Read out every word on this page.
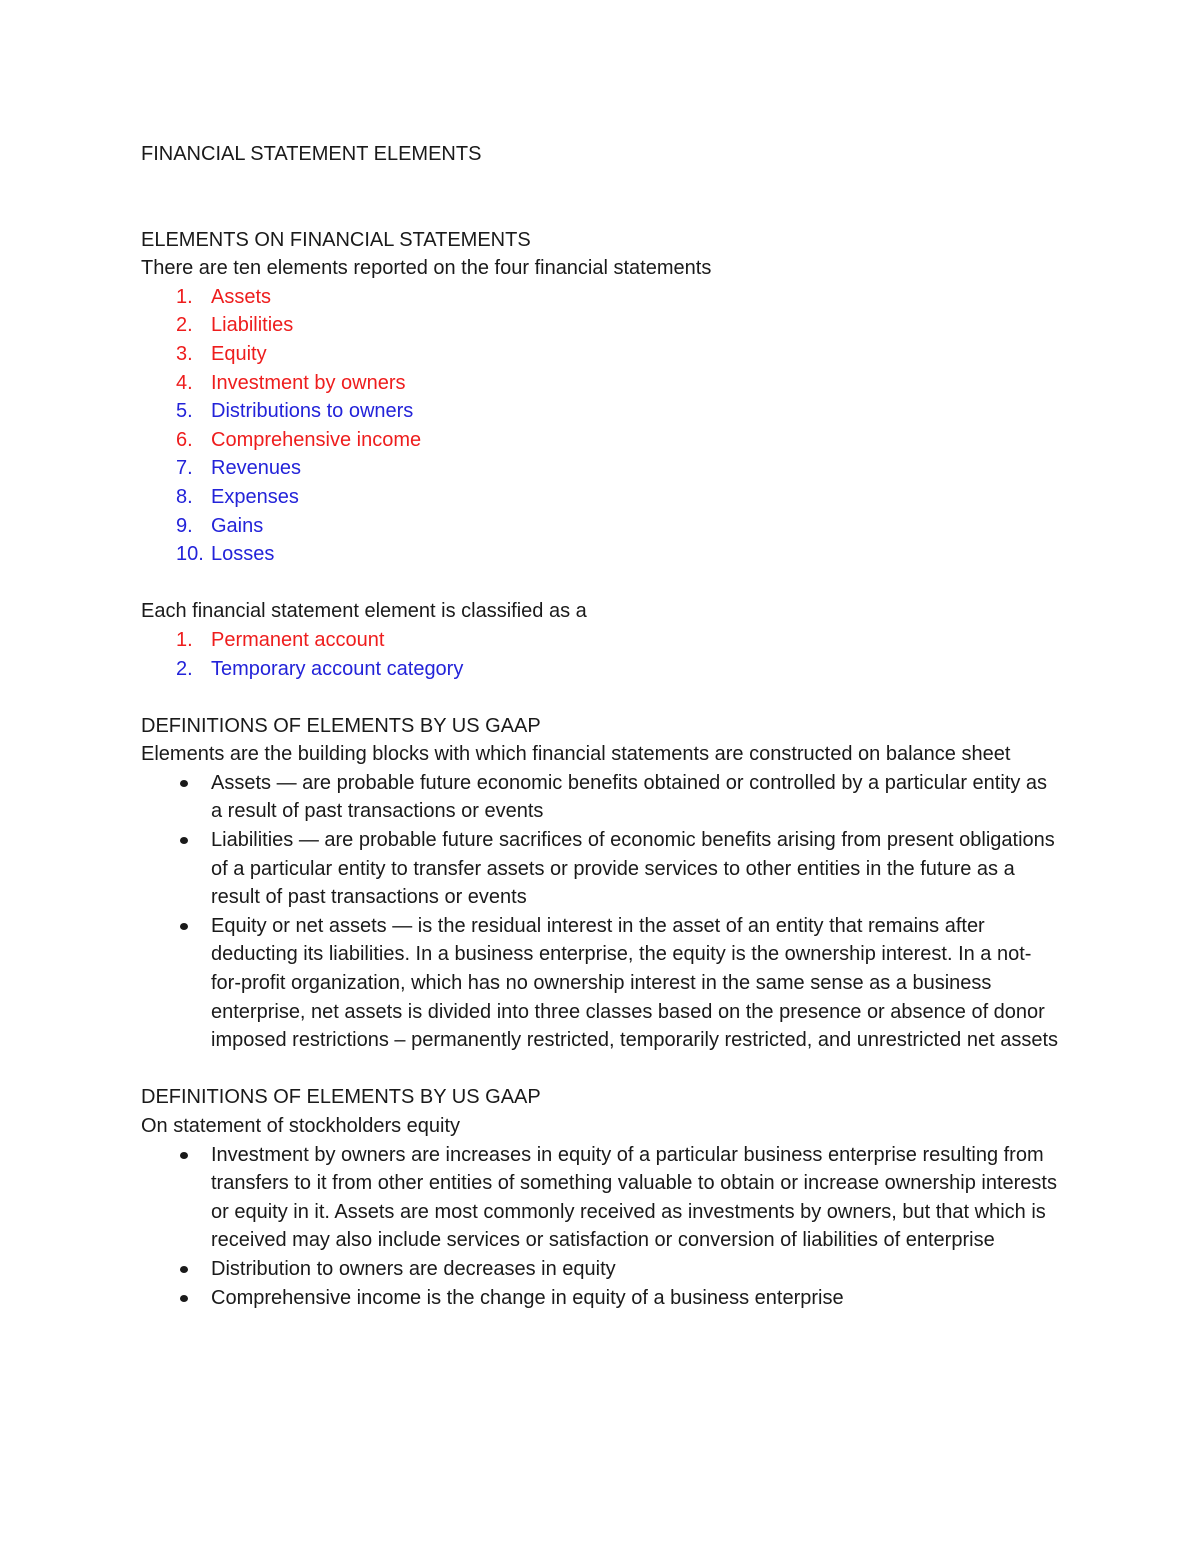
FINANCIAL STATEMENT ELEMENTS
ELEMENTS ON FINANCIAL STATEMENTS

There are ten elements reported on the four financial statements

1. Assets
2. Liabilities
3. Equity
4. Investment by owners
5. Distributions to owners
6. Comprehensive income
7. Revenues
8. Expenses
9. Gains
10. Losses

Each financial statement element is classified as a

1. Permanent account
2. Temporary account category
DEFINITIONS OF ELEMENTS BY US GAAP

Elements are the building blocks with which financial statements are constructed on balance sheet

Assets — are probable future economic benefits obtained or controlled by a particular entity as a result of past transactions or events
Liabilities — are probable future sacrifices of economic benefits arising from present obligations of a particular entity to transfer assets or provide services to other entities in the future as a result of past transactions or events
Equity or net assets — is the residual interest in the asset of an entity that remains after deducting its liabilities. In a business enterprise, the equity is the ownership interest. In a not-for-profit organization, which has no ownership interest in the same sense as a business enterprise, net assets is divided into three classes based on the presence or absence of donor imposed restrictions – permanently restricted, temporarily restricted, and unrestricted net assets
DEFINITIONS OF ELEMENTS BY US GAAP

On statement of stockholders equity

Investment by owners are increases in equity of a particular business enterprise resulting from transfers to it from other entities of something valuable to obtain or increase ownership interests or equity in it. Assets are most commonly received as investments by owners, but that which is received may also include services or satisfaction or conversion of liabilities of enterprise
Distribution to owners are decreases in equity
Comprehensive income is the change in equity of a business enterprise
